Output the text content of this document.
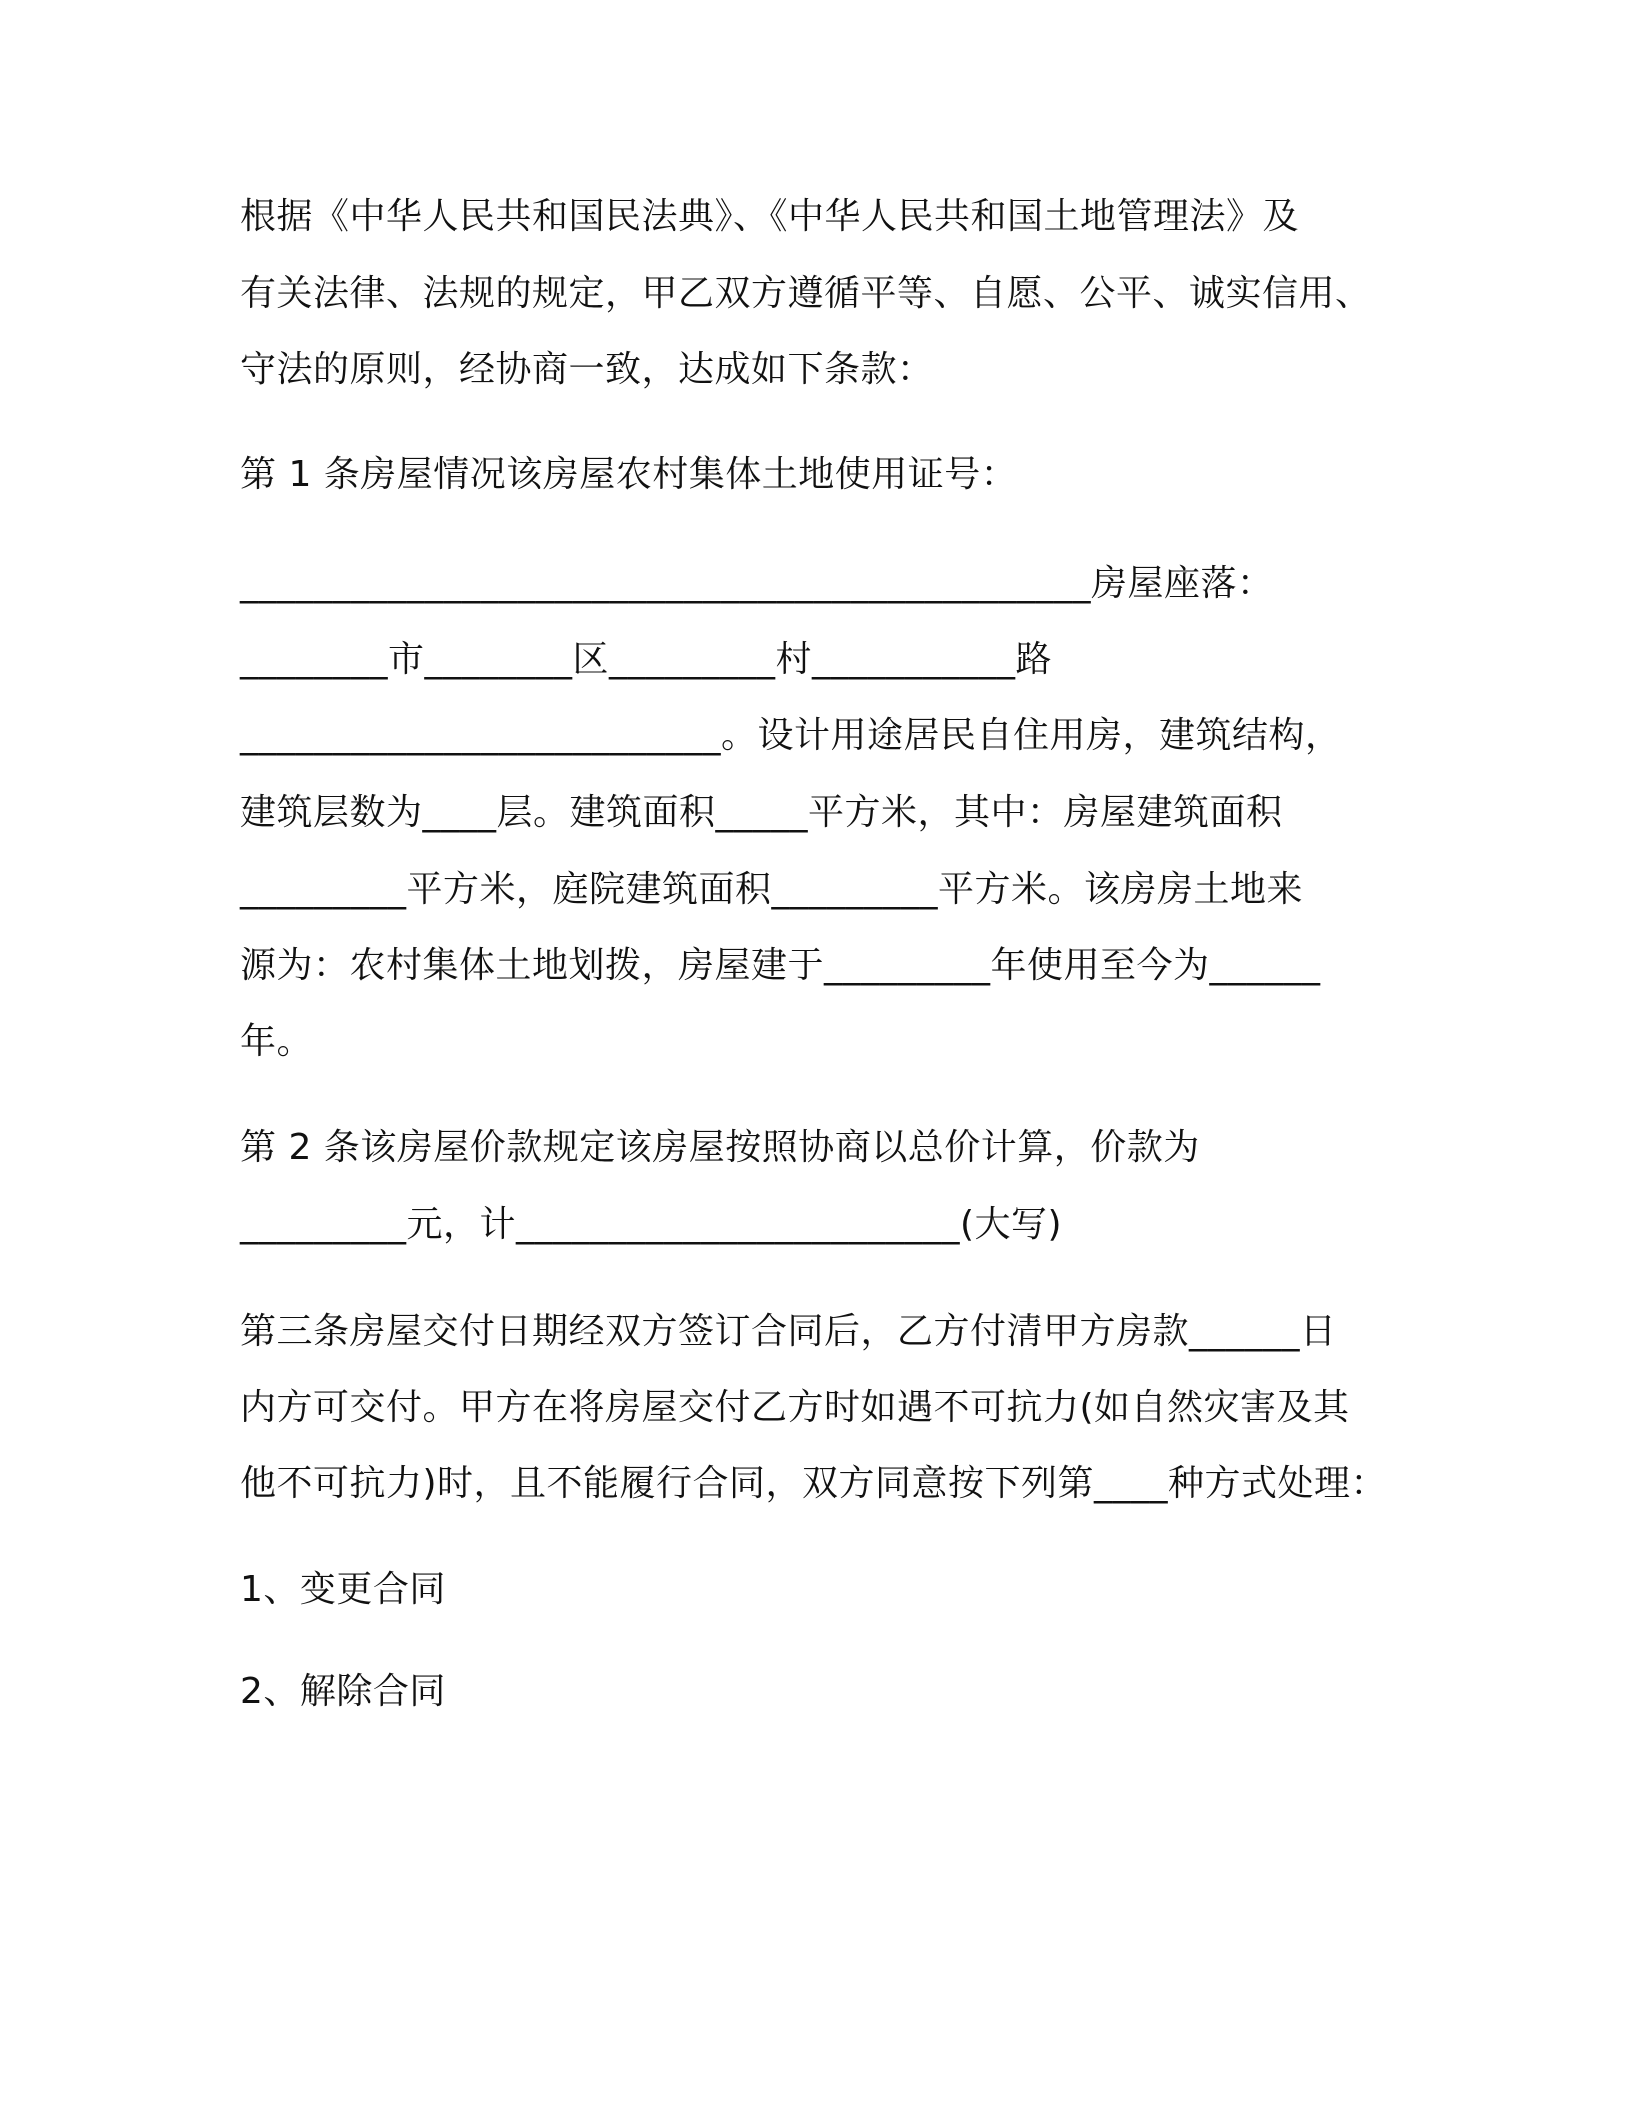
根据《中华人民共和国民法典》、《中华人民共和国土地管理法》及

有关法律、法规的规定，甲乙双方遵循平等、自愿、公平、诚实信用、

守法的原则，经协商一致，达成如下条款：

第 1 条房屋情况该房屋农村集体土地使用证号：

______________________________________________房屋座落：

________市________区_________村___________路

__________________________。设计用途居民自住用房，建筑结构，

建筑层数为____层。建筑面积_____平方米，其中：房屋建筑面积

_________平方米，庭院建筑面积_________平方米。该房房土地来

源为：农村集体土地划拨，房屋建于_________年使用至今为______

年。

第 2 条该房屋价款规定该房屋按照协商以总价计算，价款为

_________元，计________________________(大写)

第三条房屋交付日期经双方签订合同后，乙方付清甲方房款______日

内方可交付。甲方在将房屋交付乙方时如遇不可抗力(如自然灾害及其

他不可抗力)时，且不能履行合同，双方同意按下列第____种方式处理：

1、变更合同

2、解除合同
